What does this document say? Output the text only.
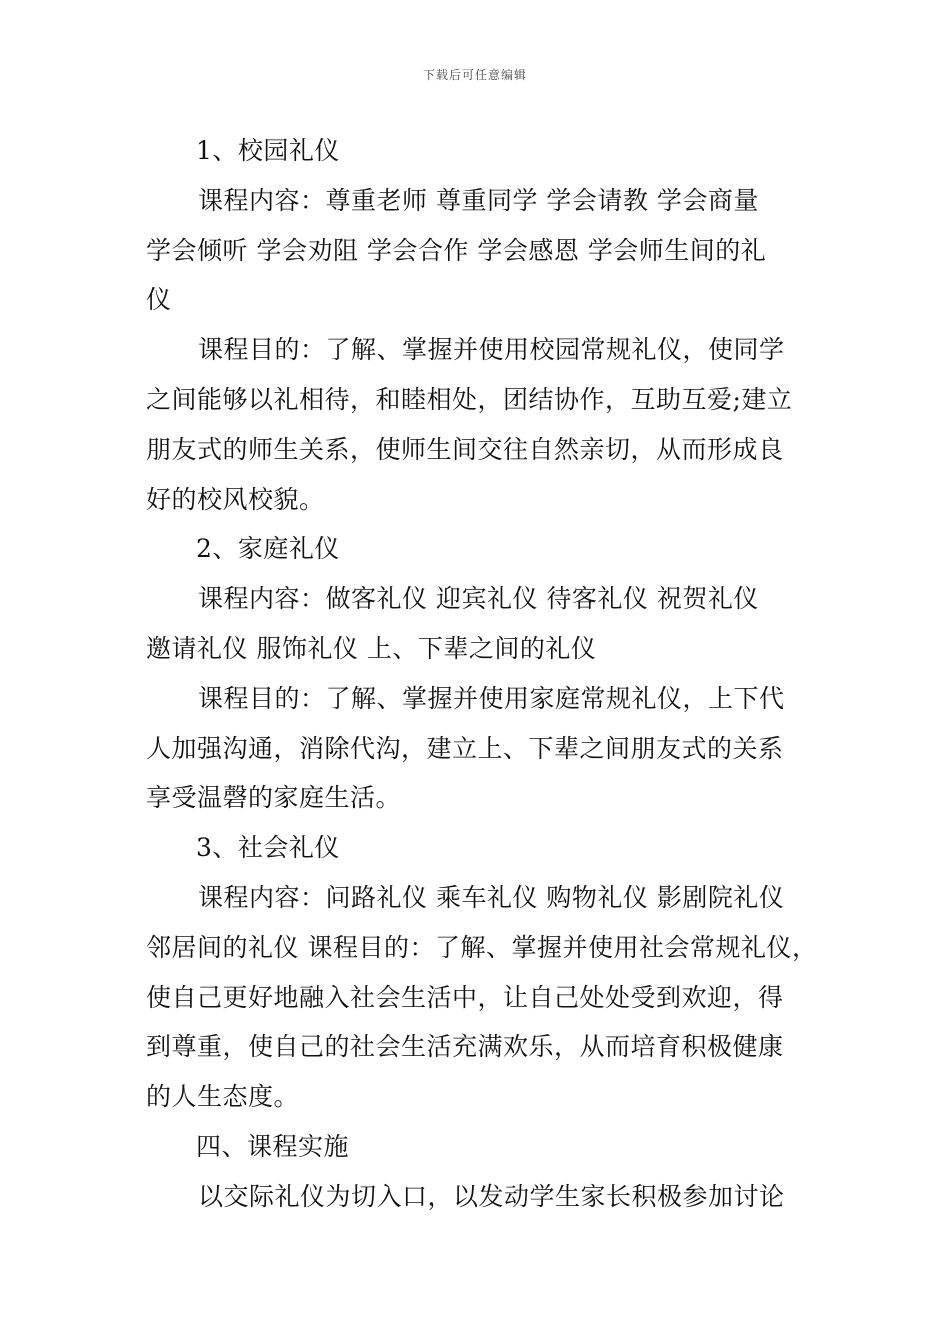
下载后可任意编辑
1、校园礼仪
课程内容：尊重老师 尊重同学 学会请教 学会商量
学会倾听 学会劝阻 学会合作 学会感恩 学会师生间的礼
仪
课程目的：了解、掌握并使用校园常规礼仪，使同学
之间能够以礼相待，和睦相处，团结协作，互助互爱;建立
朋友式的师生关系，使师生间交往自然亲切，从而形成良
好的校风校貌。
2、家庭礼仪
课程内容：做客礼仪 迎宾礼仪 待客礼仪 祝贺礼仪
邀请礼仪 服饰礼仪 上、下辈之间的礼仪
课程目的：了解、掌握并使用家庭常规礼仪，上下代
人加强沟通，消除代沟，建立上、下辈之间朋友式的关系
享受温磬的家庭生活。
3、社会礼仪
课程内容：问路礼仪 乘车礼仪 购物礼仪 影剧院礼仪
邻居间的礼仪 课程目的：了解、掌握并使用社会常规礼仪，
使自己更好地融入社会生活中，让自己处处受到欢迎，得
到尊重，使自己的社会生活充满欢乐，从而培育积极健康
的人生态度。
四、课程实施
以交际礼仪为切入口，以发动学生家长积极参加讨论
